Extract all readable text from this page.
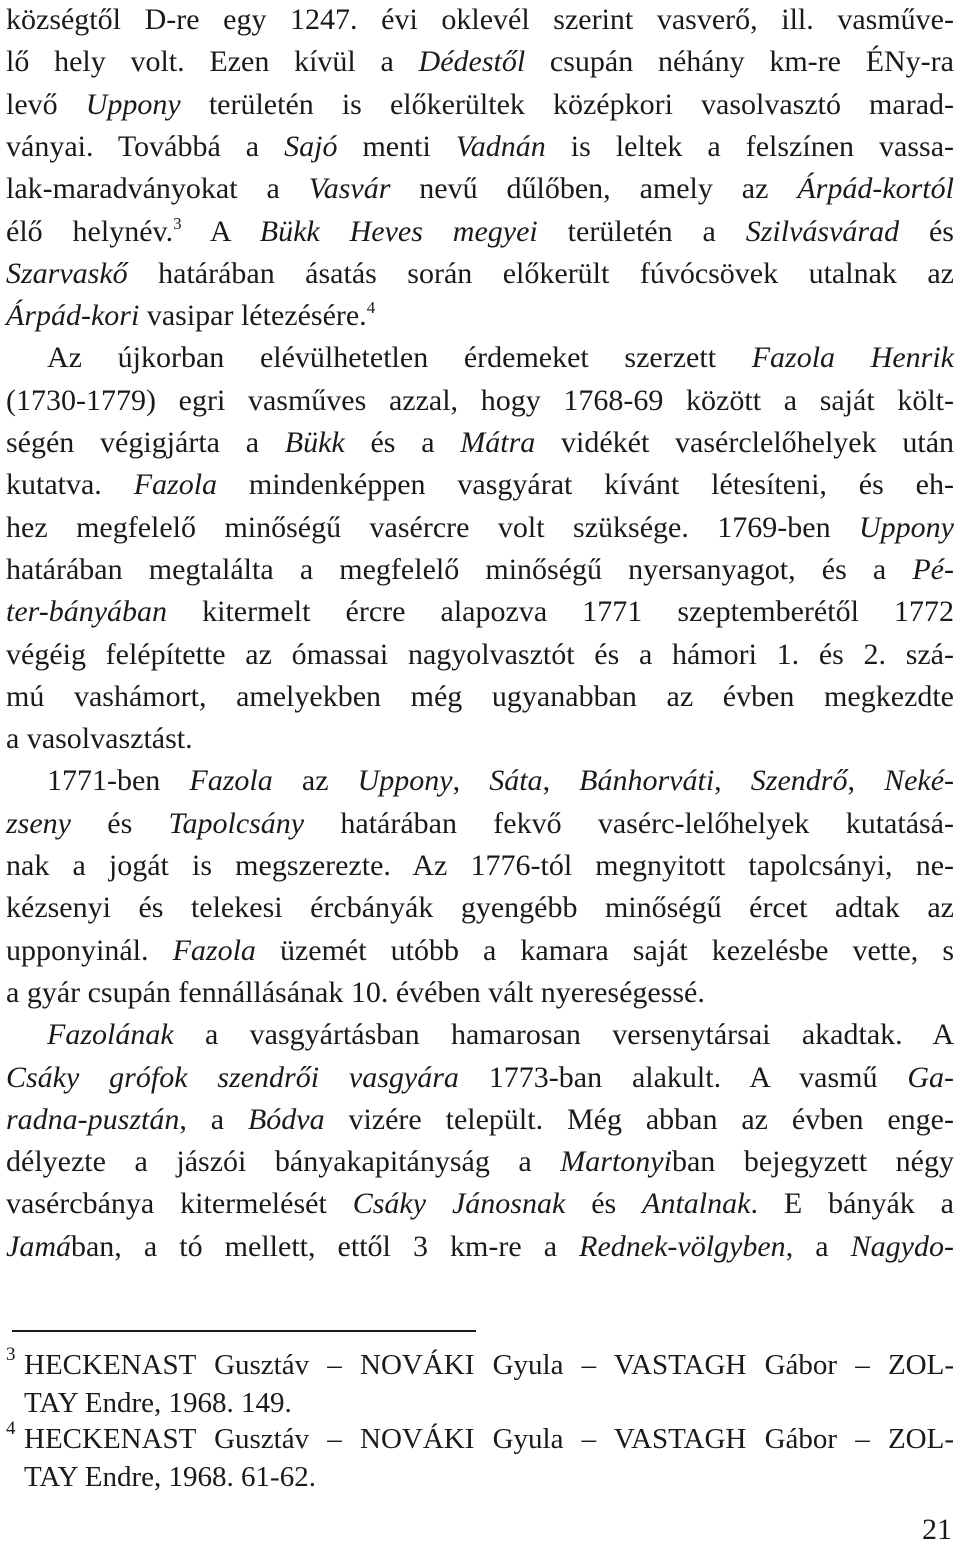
községtől D-re egy 1247. évi oklevél szerint vasverő, ill. vasműve-
lő hely volt. Ezen kívül a Dédestől csupán néhány km-re ÉNy-ra
levő Uppony területén is előkerültek középkori vasolvasztó marad-
ványai. Továbbá a Sajó menti Vadnán is leltek a felszínen vassa-
lak-maradványokat a Vasvár nevű dűlőben, amely az Árpád-kortól
élő helynév.$^3$ A Bükk Heves megyei területén a Szilvásvárad és
Szarvaskő határában ásatás során előkerült fúvócsövek utalnak az
Árpád-kori vasipar létezésére.$^4$
Az újkorban elévülhetetlen érdemeket szerzett Fazola Henrik
(1730-1779) egri vasműves azzal, hogy 1768-69 között a saját költ-
ségén végigjárta a Bükk és a Mátra vidékét vasérclelőhelyek után
kutatva. Fazola mindenképpen vasgyárat kívánt létesíteni, és eh-
hez megfelelő minőségű vasércre volt szüksége. 1769-ben Uppony
határában megtalálta a megfelelő minőségű nyersanyagot, és a Pé-
ter-bányában kitermelt ércre alapozva 1771 szeptemberétől 1772
végéig felépítette az ómassai nagyolvasztót és a hámori 1. és 2. szá-
mú vashámort, amelyekben még ugyanabban az évben megkezdte
a vasolvasztást.
1771-ben Fazola az Uppony, Sáta, Bánhorváti, Szendrő, Neké-
zseny és Tapolcsány határában fekvő vasérc-lelőhelyek kutatásá-
nak a jogát is megszerezte. Az 1776-tól megnyitott tapolcsányi, ne-
kézsenyi és telekesi ércbányák gyengébb minőségű ércet adtak az
upponyinál. Fazola üzemét utóbb a kamara saját kezelésbe vette, s
a gyár csupán fennállásának 10. évében vált nyereségessé.
Fazolának a vasgyártásban hamarosan versenytársai akadtak. A
Csáky grófok szendrői vasgyára 1773-ban alakult. A vasmű Ga-
radna-pusztán, a Bódva vizére települt. Még abban az évben enge-
délyezte a jászói bányakapitányság a Martonyiban bejegyzett négy
vasércbánya kitermelését Csáky Jánosnak és Antalnak. E bányák a
Jamában, a tó mellett, ettől 3 km-re a Rednek-völgyben, a Nagydo-
3 HECKENAST Gusztáv – NOVÁKI Gyula – VASTAGH Gábor – ZOL-
TAY Endre, 1968. 149.
4 HECKENAST Gusztáv – NOVÁKI Gyula – VASTAGH Gábor – ZOL-
TAY Endre, 1968. 61-62.
21
